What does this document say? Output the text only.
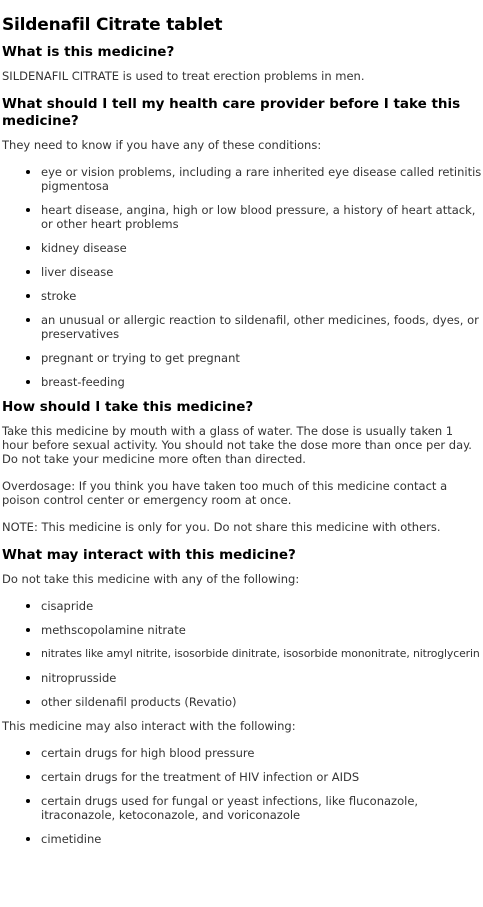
Sildenafil Citrate tablet
What is this medicine?

SILDENAFIL CITRATE is used to treat erection problems in men.

What should I tell my health care provider before I take this medicine?

They need to know if you have any of these conditions:

eye or vision problems, including a rare inherited eye disease called retinitis pigmentosa
heart disease, angina, high or low blood pressure, a history of heart attack, or other heart problems
kidney disease
liver disease
stroke
an unusual or allergic reaction to sildenafil, other medicines, foods, dyes, or preservatives
pregnant or trying to get pregnant
breast-feeding
How should I take this medicine?

Take this medicine by mouth with a glass of water. The dose is usually taken 1 hour before sexual activity. You should not take the dose more than once per day. Do not take your medicine more often than directed.

Overdosage: If you think you have taken too much of this medicine contact a poison control center or emergency room at once.

NOTE: This medicine is only for you. Do not share this medicine with others.

What may interact with this medicine?

Do not take this medicine with any of the following:

cisapride
methscopolamine nitrate
nitrates like amyl nitrite, isosorbide dinitrate, isosorbide mononitrate, nitroglycerin
nitroprusside
other sildenafil products (Revatio)

This medicine may also interact with the following:

certain drugs for high blood pressure
certain drugs for the treatment of HIV infection or AIDS
certain drugs used for fungal or yeast infections, like fluconazole, itraconazole, ketoconazole, and voriconazole
cimetidine
